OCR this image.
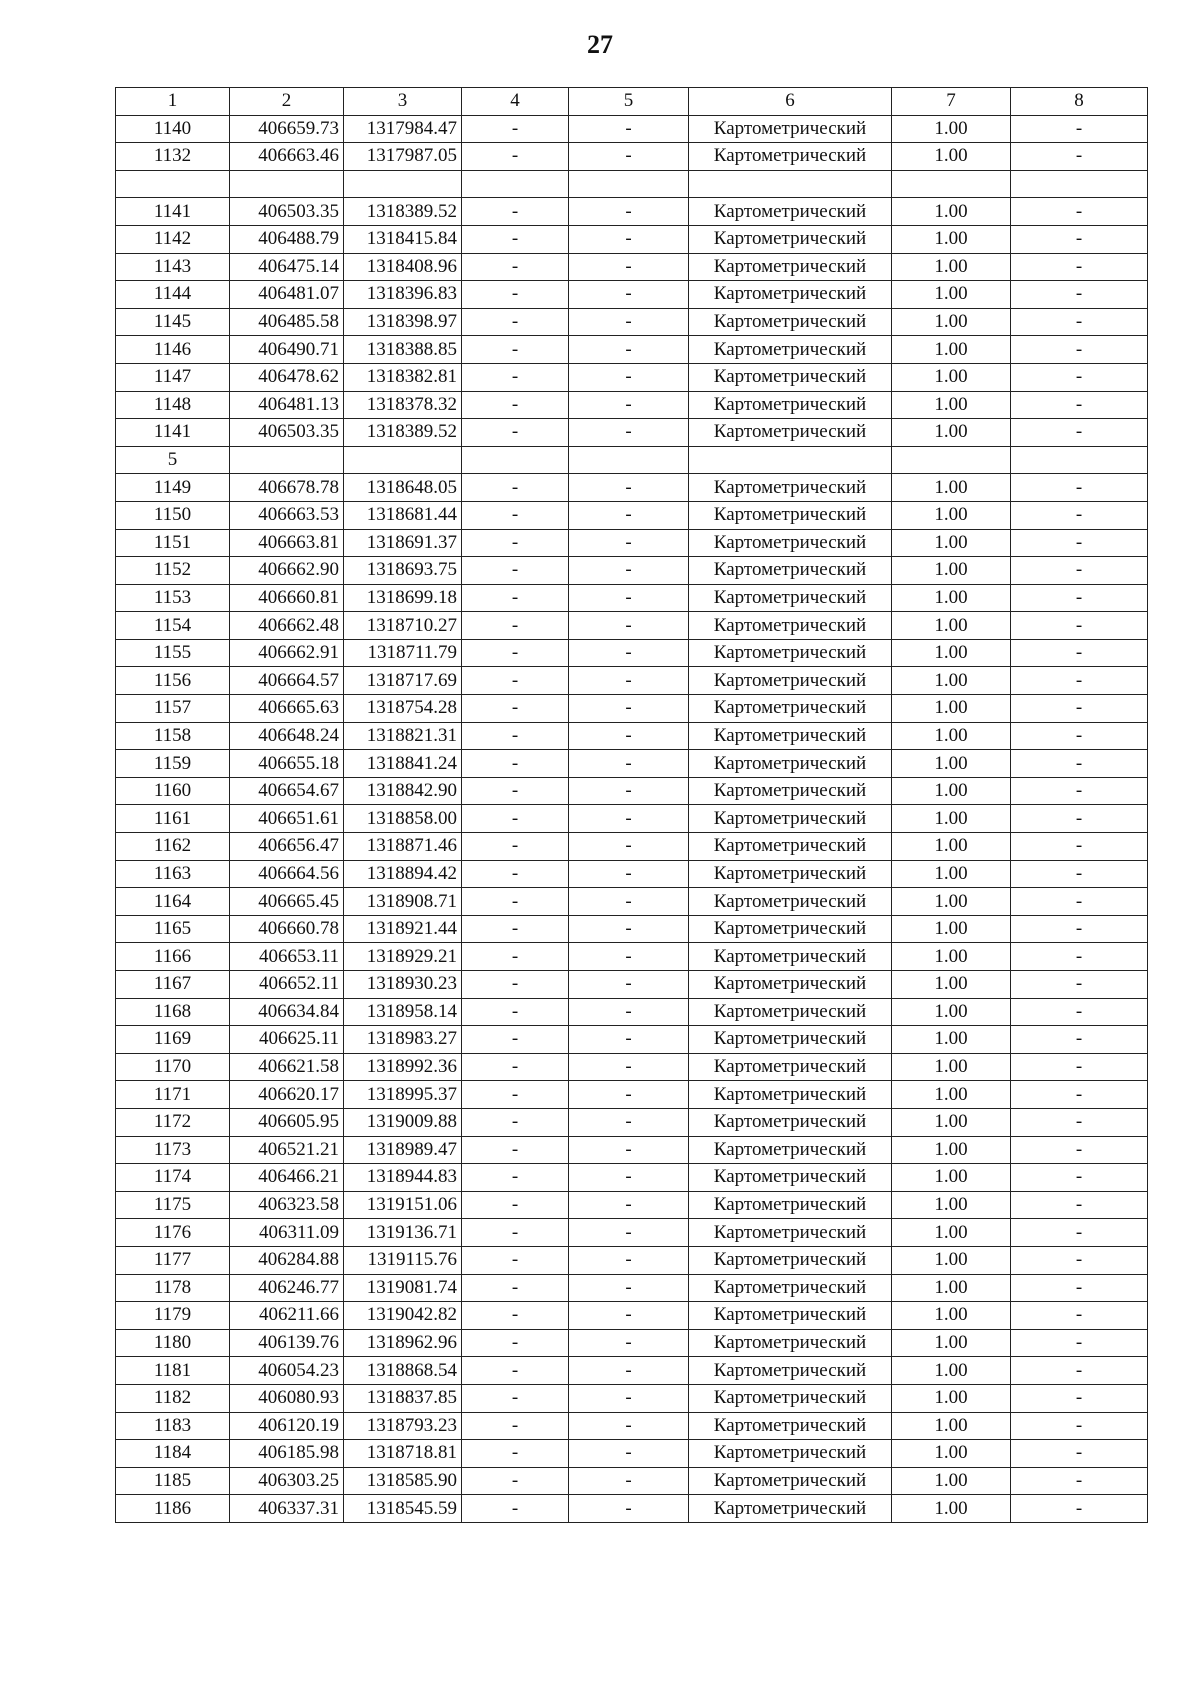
27
1	2	3	4	5	6	7	8
1140	406659.73	1317984.47	-	-	Картометрический	1.00	-
1132	406663.46	1317987.05	-	-	Картометрический	1.00	-

1141	406503.35	1318389.52	-	-	Картометрический	1.00	-
1142	406488.79	1318415.84	-	-	Картометрический	1.00	-
1143	406475.14	1318408.96	-	-	Картометрический	1.00	-
1144	406481.07	1318396.83	-	-	Картометрический	1.00	-
1145	406485.58	1318398.97	-	-	Картометрический	1.00	-
1146	406490.71	1318388.85	-	-	Картометрический	1.00	-
1147	406478.62	1318382.81	-	-	Картометрический	1.00	-
1148	406481.13	1318378.32	-	-	Картометрический	1.00	-
1141	406503.35	1318389.52	-	-	Картометрический	1.00	-
5							
1149	406678.78	1318648.05	-	-	Картометрический	1.00	-
1150	406663.53	1318681.44	-	-	Картометрический	1.00	-
1151	406663.81	1318691.37	-	-	Картометрический	1.00	-
1152	406662.90	1318693.75	-	-	Картометрический	1.00	-
1153	406660.81	1318699.18	-	-	Картометрический	1.00	-
1154	406662.48	1318710.27	-	-	Картометрический	1.00	-
1155	406662.91	1318711.79	-	-	Картометрический	1.00	-
1156	406664.57	1318717.69	-	-	Картометрический	1.00	-
1157	406665.63	1318754.28	-	-	Картометрический	1.00	-
1158	406648.24	1318821.31	-	-	Картометрический	1.00	-
1159	406655.18	1318841.24	-	-	Картометрический	1.00	-
1160	406654.67	1318842.90	-	-	Картометрический	1.00	-
1161	406651.61	1318858.00	-	-	Картометрический	1.00	-
1162	406656.47	1318871.46	-	-	Картометрический	1.00	-
1163	406664.56	1318894.42	-	-	Картометрический	1.00	-
1164	406665.45	1318908.71	-	-	Картометрический	1.00	-
1165	406660.78	1318921.44	-	-	Картометрический	1.00	-
1166	406653.11	1318929.21	-	-	Картометрический	1.00	-
1167	406652.11	1318930.23	-	-	Картометрический	1.00	-
1168	406634.84	1318958.14	-	-	Картометрический	1.00	-
1169	406625.11	1318983.27	-	-	Картометрический	1.00	-
1170	406621.58	1318992.36	-	-	Картометрический	1.00	-
1171	406620.17	1318995.37	-	-	Картометрический	1.00	-
1172	406605.95	1319009.88	-	-	Картометрический	1.00	-
1173	406521.21	1318989.47	-	-	Картометрический	1.00	-
1174	406466.21	1318944.83	-	-	Картометрический	1.00	-
1175	406323.58	1319151.06	-	-	Картометрический	1.00	-
1176	406311.09	1319136.71	-	-	Картометрический	1.00	-
1177	406284.88	1319115.76	-	-	Картометрический	1.00	-
1178	406246.77	1319081.74	-	-	Картометрический	1.00	-
1179	406211.66	1319042.82	-	-	Картометрический	1.00	-
1180	406139.76	1318962.96	-	-	Картометрический	1.00	-
1181	406054.23	1318868.54	-	-	Картометрический	1.00	-
1182	406080.93	1318837.85	-	-	Картометрический	1.00	-
1183	406120.19	1318793.23	-	-	Картометрический	1.00	-
1184	406185.98	1318718.81	-	-	Картометрический	1.00	-
1185	406303.25	1318585.90	-	-	Картометрический	1.00	-
1186	406337.31	1318545.59	-	-	Картометрический	1.00	-
